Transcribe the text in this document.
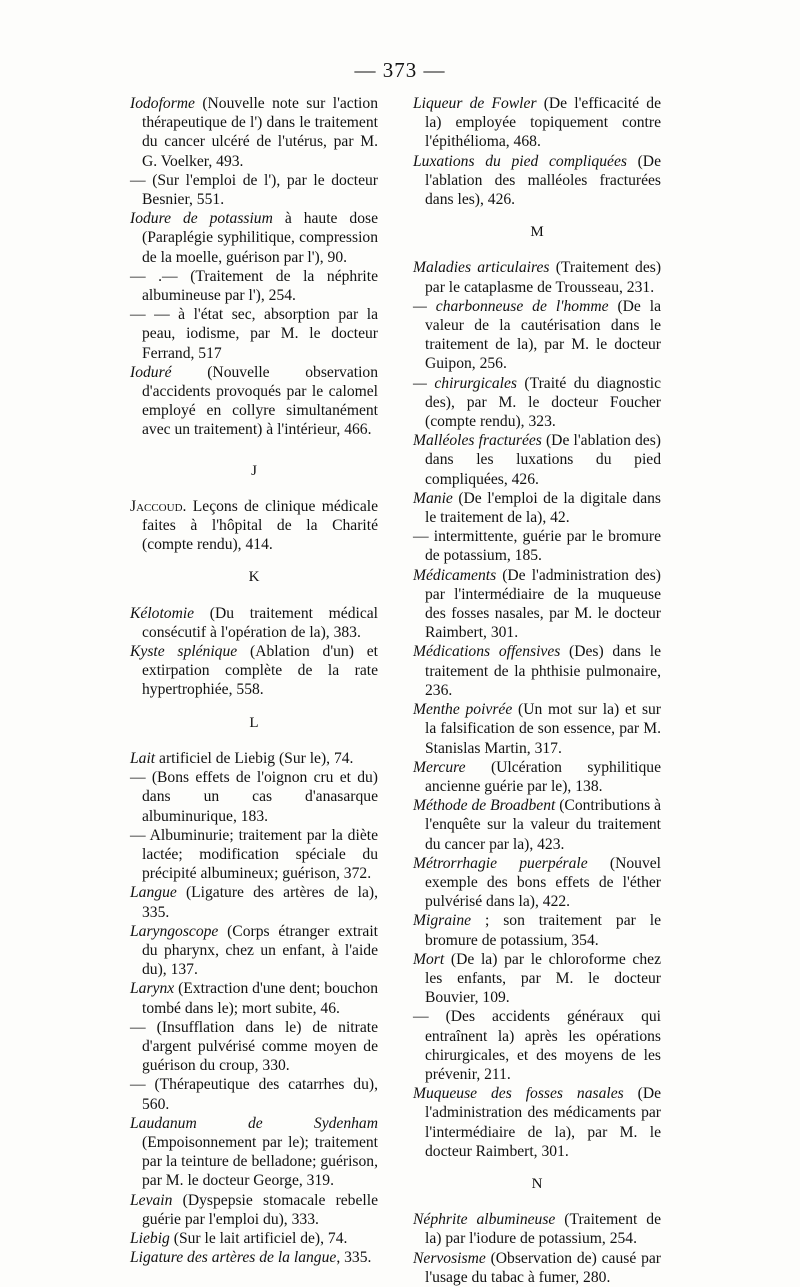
— 373 —

Iodoforme (Nouvelle note sur l'action thérapeutique de l') dans le traitement du cancer ulcéré de l'utérus, par M. G. Voelker, 493.

— (Sur l'emploi de l'), par le docteur Besnier, 551.

Iodure de potassium à haute dose (Paraplégie syphilitique, compression de la moelle, guérison par l'), 90.

— .— (Traitement de la néphrite albumineuse par l'), 254.

— — à l'état sec, absorption par la peau, iodisme, par M. le docteur Ferrand, 517

Ioduré (Nouvelle observation d'accidents provoqués par le calomel employé en collyre simultanément avec un traitement) à l'intérieur, 466.

J

Jaccoud. Leçons de clinique médicale faites à l'hôpital de la Charité (compte rendu), 414.

K

Kélotomie (Du traitement médical consécutif à l'opération de la), 383.

Kyste splénique (Ablation d'un) et extirpation complète de la rate hypertrophiée, 558.

L

Lait artificiel de Liebig (Sur le), 74.

— (Bons effets de l'oignon cru et du) dans un cas d'anasarque albuminurique, 183.

— Albuminurie; traitement par la diète lactée; modification spéciale du précipité albumineux; guérison, 372.

Langue (Ligature des artères de la), 335.

Laryngoscope (Corps étranger extrait du pharynx, chez un enfant, à l'aide du), 137.

Larynx (Extraction d'une dent; bouchon tombé dans le); mort subite, 46.

— (Insufflation dans le) de nitrate d'argent pulvérisé comme moyen de guérison du croup, 330.

— (Thérapeutique des catarrhes du), 560.

Laudanum de Sydenham (Empoisonnement par le); traitement par la teinture de belladone; guérison, par M. le docteur George, 319.

Levain (Dyspepsie stomacale rebelle guérie par l'emploi du), 333.

Liebig (Sur le lait artificiel de), 74.

Ligature des artères de la langue, 335.

Liqueur de Fowler (De l'efficacité de la) employée topiquement contre l'épithélioma, 468.

Luxations du pied compliquées (De l'ablation des malléoles fracturées dans les), 426.

M

Maladies articulaires (Traitement des) par le cataplasme de Trousseau, 231.

— charbonneuse de l'homme (De la valeur de la cautérisation dans le traitement de la), par M. le docteur Guipon, 256.

— chirurgicales (Traité du diagnostic des), par M. le docteur Foucher (compte rendu), 323.

Malléoles fracturées (De l'ablation des) dans les luxations du pied compliquées, 426.

Manie (De l'emploi de la digitale dans le traitement de la), 42.

— intermittente, guérie par le bromure de potassium, 185.

Médicaments (De l'administration des) par l'intermédiaire de la muqueuse des fosses nasales, par M. le docteur Raimbert, 301.

Médications offensives (Des) dans le traitement de la phthisie pulmonaire, 236.

Menthe poivrée (Un mot sur la) et sur la falsification de son essence, par M. Stanislas Martin, 317.

Mercure (Ulcération syphilitique ancienne guérie par le), 138.

Méthode de Broadbent (Contributions à l'enquête sur la valeur du traitement du cancer par la), 423.

Métrorrhagie puerpérale (Nouvel exemple des bons effets de l'éther pulvérisé dans la), 422.

Migraine ; son traitement par le bromure de potassium, 354.

Mort (De la) par le chloroforme chez les enfants, par M. le docteur Bouvier, 109.

— (Des accidents généraux qui entraînent la) après les opérations chirurgicales, et des moyens de les prévenir, 211.

Muqueuse des fosses nasales (De l'administration des médicaments par l'intermédiaire de la), par M. le docteur Raimbert, 301.

N

Néphrite albumineuse (Traitement de la) par l'iodure de potassium, 254.

Nervosisme (Observation de) causé par l'usage du tabac à fumer, 280.
